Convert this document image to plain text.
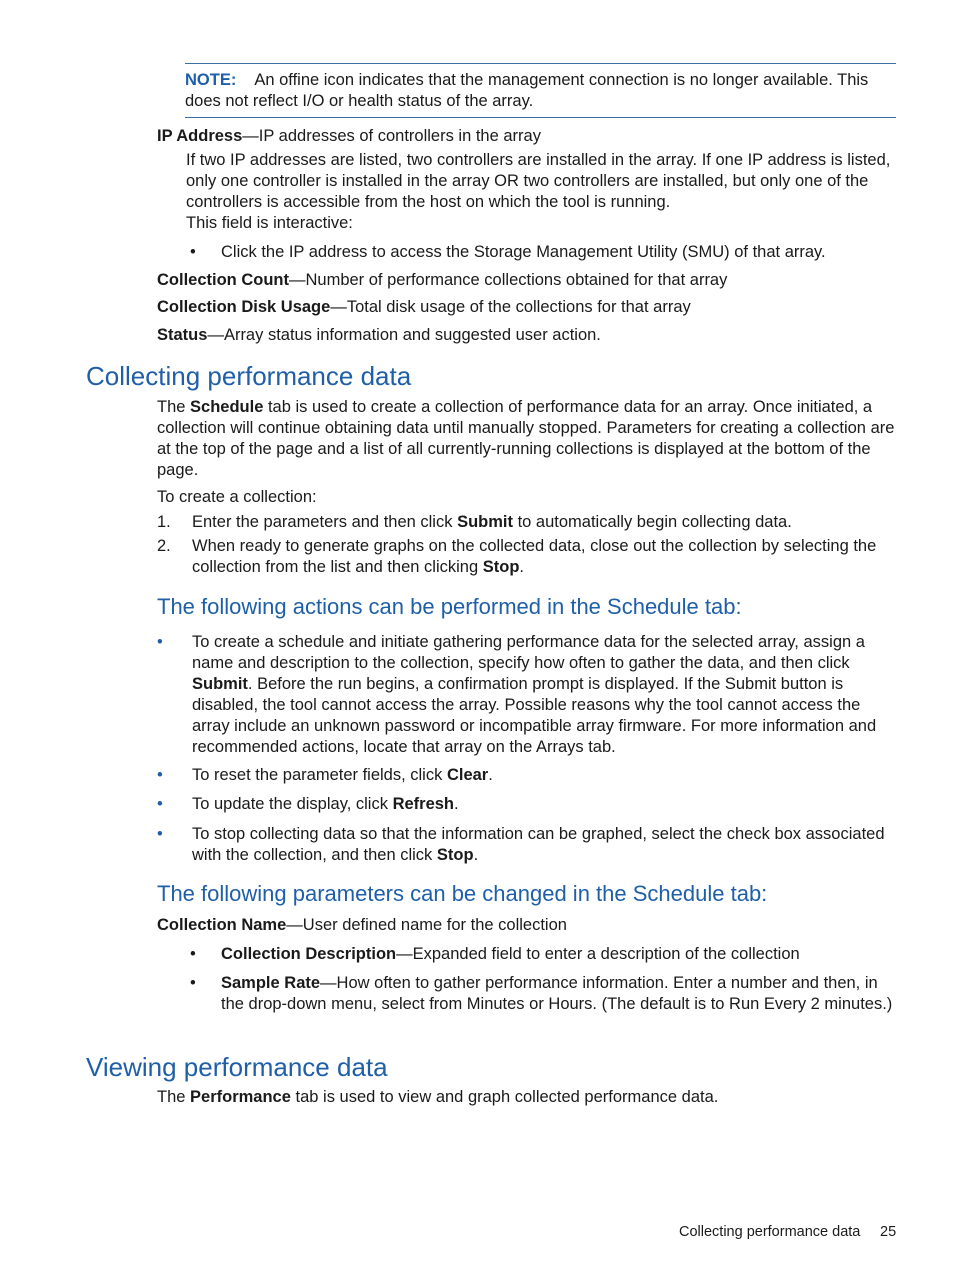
NOTE: An offine icon indicates that the management connection is no longer available. This does not reflect I/O or health status of the array.
IP Address—IP addresses of controllers in the array
If two IP addresses are listed, two controllers are installed in the array. If one IP address is listed, only one controller is installed in the array OR two controllers are installed, but only one of the controllers is accessible from the host on which the tool is running.
This field is interactive:
• Click the IP address to access the Storage Management Utility (SMU) of that array.
Collection Count—Number of performance collections obtained for that array
Collection Disk Usage—Total disk usage of the collections for that array
Status—Array status information and suggested user action.
Collecting performance data
The Schedule tab is used to create a collection of performance data for an array. Once initiated, a collection will continue obtaining data until manually stopped. Parameters for creating a collection are at the top of the page and a list of all currently-running collections is displayed at the bottom of the page.
To create a collection:
1. Enter the parameters and then click Submit to automatically begin collecting data.
2. When ready to generate graphs on the collected data, close out the collection by selecting the collection from the list and then clicking Stop.
The following actions can be performed in the Schedule tab:
• To create a schedule and initiate gathering performance data for the selected array, assign a name and description to the collection, specify how often to gather the data, and then click Submit. Before the run begins, a confirmation prompt is displayed. If the Submit button is disabled, the tool cannot access the array. Possible reasons why the tool cannot access the array include an unknown password or incompatible array firmware. For more information and recommended actions, locate that array on the Arrays tab.
• To reset the parameter fields, click Clear.
• To update the display, click Refresh.
• To stop collecting data so that the information can be graphed, select the check box associated with the collection, and then click Stop.
The following parameters can be changed in the Schedule tab:
Collection Name—User defined name for the collection
• Collection Description—Expanded field to enter a description of the collection
• Sample Rate—How often to gather performance information. Enter a number and then, in the drop-down menu, select from Minutes or Hours. (The default is to Run Every 2 minutes.)
Viewing performance data
The Performance tab is used to view and graph collected performance data.
Collecting performance data 25
